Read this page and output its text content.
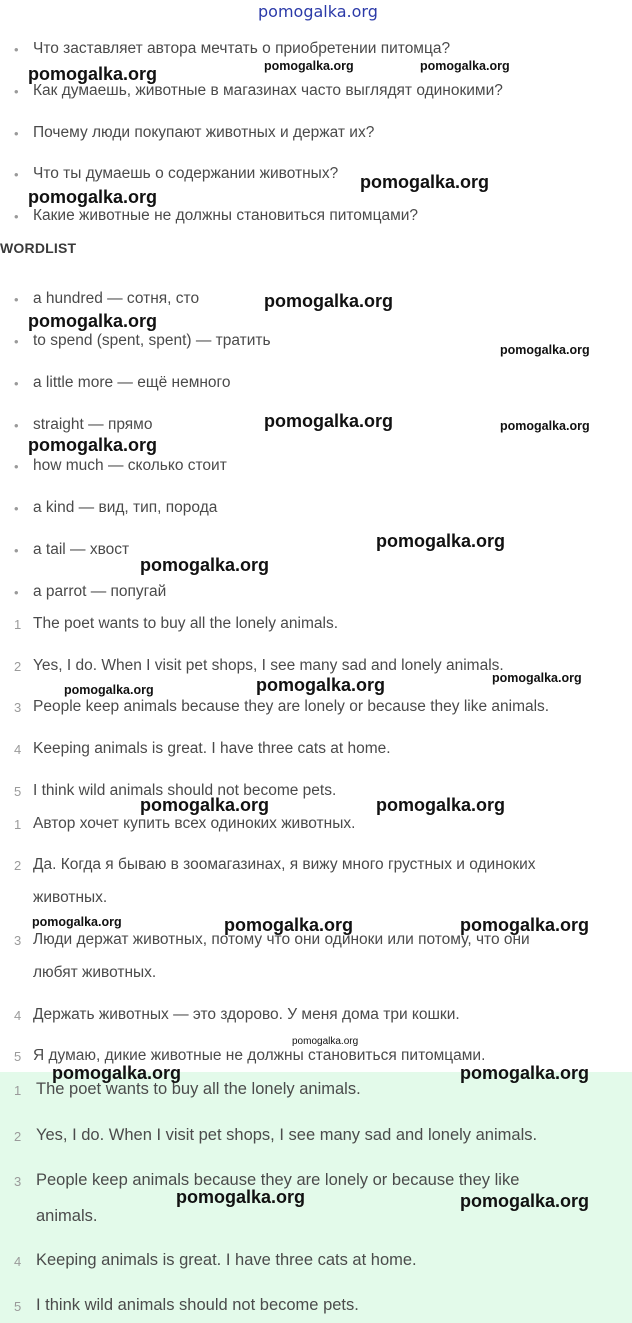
• Что заставляет автора мечтать о приобретении питомца?
• Как думаешь, животные в магазинах часто выглядят одинокими?
• Почему люди покупают животных и держат их?
• Что ты думаешь о содержании животных?
• Какие животные не должны становиться питомцами?
WORDLIST
• a hundred — сотня, сто
• to spend (spent, spent) — тратить
• a little more — ещё немного
• straight — прямо
• how much — сколько стоит
• a kind — вид, тип, порода
• a tail — хвост
• a parrot — попугай
1 The poet wants to buy all the lonely animals.
2 Yes, I do. When I visit pet shops, I see many sad and lonely animals.
3 People keep animals because they are lonely or because they like animals.
4 Keeping animals is great. I have three cats at home.
5 I think wild animals should not become pets.
1 Автор хочет купить всех одиноких животных.
2 Да. Когда я бываю в зоомагазинах, я вижу много грустных и одиноких
животных.
3 Люди держат животных, потому что они одиноки или потому, что они
любят животных.
4 Держать животных — это здорово. У меня дома три кошки.
5 Я думаю, дикие животные не должны становиться питомцами.
1 The poet wants to buy all the lonely animals.
2 Yes, I do. When I visit pet shops, I see many sad and lonely animals.
3 People keep animals because they are lonely or because they like
animals.
4 Keeping animals is great. I have three cats at home.
5 I think wild animals should not become pets.
pomogalka.org
pomogalka.org	pomogalka.org	pomogalka.org
pomogalka.org
pomogalka.org
pomogalka.org
pomogalka.org
pomogalka.org
pomogalka.org	pomogalka.org
pomogalka.org
pomogalka.org
pomogalka.org
pomogalka.org
pomogalka.org
pomogalka.org
pomogalka.org	pomogalka.org
pomogalka.org	pomogalka.org	pomogalka.org
pomogalka.org
pomogalka.org	pomogalka.org
pomogalka.org	pomogalka.org
